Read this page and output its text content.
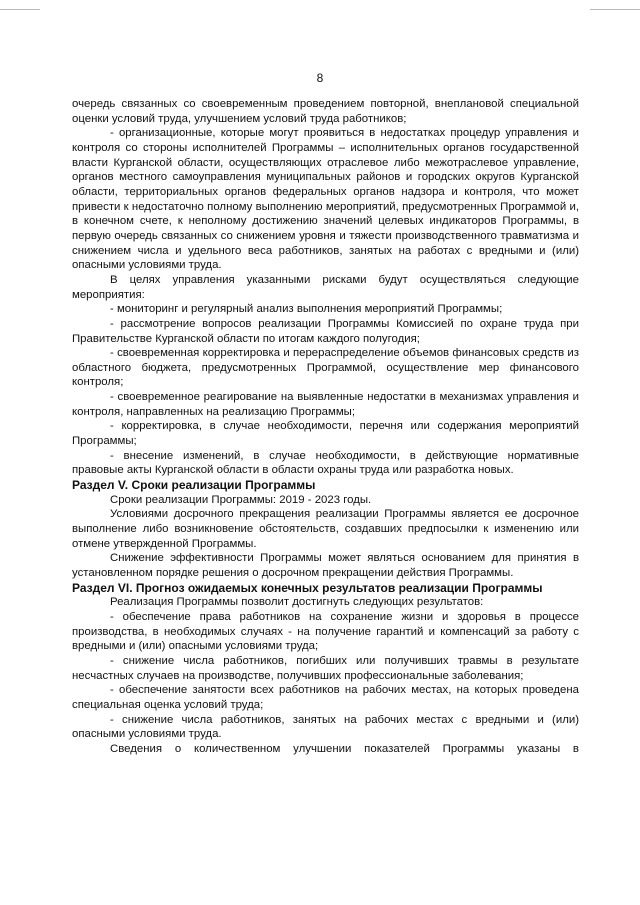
8

очередь связанных со своевременным проведением повторной, внеплановой специальной оценки условий труда, улучшением условий труда работников;

- организационные, которые могут проявиться в недостатках процедур управления и контроля со стороны исполнителей Программы – исполнительных органов государственной власти Курганской области, осуществляющих отраслевое либо межотраслевое управление, органов местного самоуправления муниципальных районов и городских округов Курганской области, территориальных органов федеральных органов надзора и контроля, что может привести к недостаточно полному выполнению мероприятий, предусмотренных Программой и, в конечном счете, к неполному достижению значений целевых индикаторов Программы, в первую очередь связанных со снижением уровня и тяжести производственного травматизма и снижением числа и удельного веса работников, занятых на работах с вредными и (или) опасными условиями труда.

В целях управления указанными рисками будут осуществляться следующие мероприятия:

- мониторинг и регулярный анализ выполнения мероприятий Программы;

- рассмотрение вопросов реализации Программы Комиссией по охране труда при Правительстве Курганской области по итогам каждого полугодия;

- своевременная корректировка и перераспределение объемов финансовых средств из областного бюджета, предусмотренных Программой, осуществление мер финансового контроля;

- своевременное реагирование на выявленные недостатки в механизмах управления и контроля, направленных на реализацию Программы;

- корректировка, в случае необходимости, перечня или содержания мероприятий Программы;

- внесение изменений, в случае необходимости, в действующие нормативные правовые акты Курганской области в области охраны труда или разработка новых.

Раздел V. Сроки реализации Программы

Сроки реализации Программы: 2019 - 2023 годы.

Условиями досрочного прекращения реализации Программы является ее досрочное выполнение либо возникновение обстоятельств, создавших предпосылки к изменению или отмене утвержденной Программы.

Снижение эффективности Программы может являться основанием для принятия в установленном порядке решения о досрочном прекращении действия Программы.

Раздел VI. Прогноз ожидаемых конечных результатов реализации Программы

Реализация Программы позволит достигнуть следующих результатов:

- обеспечение права работников на сохранение жизни и здоровья в процессе производства, в необходимых случаях - на получение гарантий и компенсаций за работу с вредными и (или) опасными условиями труда;

- снижение числа работников, погибших или получивших травмы в результате несчастных случаев на производстве, получивших профессиональные заболевания;

- обеспечение занятости всех работников на рабочих местах, на которых проведена специальная оценка условий труда;

- снижение числа работников, занятых на рабочих местах с вредными и (или) опасными условиями труда.

Сведения о количественном улучшении показателей Программы указаны в
